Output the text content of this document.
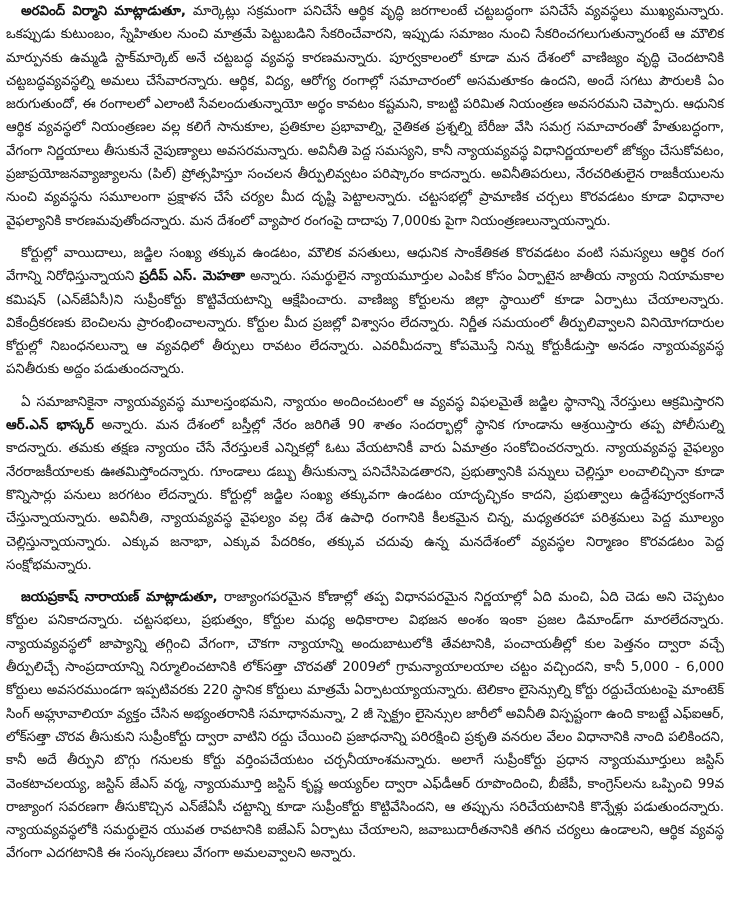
అరవింద్ విర్మాని మాట్లాడుతూ, మార్కెట్లు సక్రమంగా పనిచేసే ఆర్థిక వృద్ధి జరగాలంటే చట్టబద్ధంగా పనిచేసే వ్యవస్థలు ముఖ్యమన్నారు. ఒకప్పుడు కుటుంబం, స్నేహితుల నుంచి మాత్రమే పెట్టుబడిని సేకరించేవారని, ఇప్పుడు సమాజం నుంచి సేకరించగలుగుతున్నారంటే ఆ మౌలిక మార్పునకు ఉమ్మడి స్టాక్‌మార్కెట్ అనే చట్టబద్ధ వ్యవస్థ కారణమన్నారు. పూర్వకాలంలో కూడా మన దేశంలో వాణిజ్యం వృద్ధి చెందటానికి చట్టబద్ధవ్యవస్థల్ని అమలు చేసేవారన్నారు. ఆర్థిక, విద్య, ఆరోగ్య రంగాల్లో సమాచారంలో అసమతూకం ఉందని, అందే సగటు పౌరులకి ఏం జరుగుతుందో, ఈ రంగాలలో ఎలాంటి సేవలందుతున్నాయో అర్థం కావటం కష్టమని, కాబట్టి పరిమిత నియంత్రణ అవసరమని చెప్పారు. ఆధునిక ఆర్థిక వ్యవస్థలో నియంత్రణల వల్ల కలిగే సానుకూల, ప్రతికూల ప్రభావాల్ని, నైతికత ప్రశ్నల్ని బేరీజు వేసి సమగ్ర సమాచారంతో హేతుబద్ధంగా, వేగంగా నిర్ణయాలు తీసుకునే నైపుణ్యాలు అవసరమన్నారు. అవినీతి పెద్ద సమస్యని, కానీ న్యాయవ్యవస్థ విధానిర్ణయాలలో జోక్యం చేసుకోవటం, ప్రజాప్రయోజనవ్యాజ్యాలను (పిల్) ప్రోత్సహిస్తూ సంచలన తీర్పులివ్వటం పరిష్కారం కాదన్నారు. అవినీతిపరులు, నేరచరితులైన రాజకీయులను నుంచి వ్యవస్థను సమూలంగా ప్రక్షాళన చేసే చర్యల మీద దృష్టి పెట్టాలన్నారు. చట్టసభల్లో ప్రామాణిక చర్చలు కొరవడటం కూడా విధానాల వైఫల్యానికి కారణమవుతోందన్నారు. మన దేశంలో వ్యాపార రంగంపై దాదాపు 7,000కు పైగా నియంత్రణలున్నాయన్నారు.

కోర్టుల్లో వాయిదాలు, జడ్జిల సంఖ్య తక్కువ ఉండటం, మౌలిక వసతులు, ఆధునిక సాంకేతికత కొరవడటం వంటి సమస్యలు ఆర్థిక రంగ వేగాన్ని నిరోధిస్తున్నాయని ప్రదీప్ ఎస్. మెహతా అన్నారు. సమర్థులైన న్యాయమూర్తుల ఎంపిక కోసం ఏర్పాటైన జాతీయ న్యాయ నియామకాల కమిషన్ (ఎన్‌జేఏసీ)ని సుప్రీంకోర్టు కొట్టివేయటాన్ని ఆక్షేపించారు. వాణిజ్య కోర్టులను జిల్లా స్థాయిలో కూడా ఏర్పాటు చేయాలన్నారు. వికేంద్రీకరణకు బెంచిలను ప్రారంభించాలన్నారు. కోర్టుల మీద ప్రజల్లో విశ్వాసం లేదన్నారు. నిర్ణీత సమయంలో తీర్పులివ్వాలని వినియోగదారుల కోర్టుల్లో నిబంధనలున్నా ఆ వ్యవధిలో తీర్పులు రావటం లేదన్నారు. ఎవరిమీదన్నా కోపమొస్తే నిన్ను కోర్టుకీడుస్తా అనడం న్యాయవ్యవస్థ పనితీరుకు అద్దం పడుతుందన్నారు.

ఏ సమాజానికైనా న్యాయవ్యవస్థ మూలస్తంభమని, న్యాయం అందించటంలో ఆ వ్యవస్థ విఫలమైతే జడ్జిల స్థానాన్ని నేరస్తులు ఆక్రమిస్తారని ఆర్.ఎన్ భాస్కర్ అన్నారు. మన దేశంలో బస్తీల్లో నేరం జరిగితే 90 శాతం సందర్భాల్లో స్థానిక గూండాను ఆశ్రయిస్తారు తప్ప పోలీసుల్ని కాదన్నారు. తమకు తక్షణ న్యాయం చేసే నేరస్తులకే ఎన్నికల్లో ఓటు వేయటానికీ వారు ఏమాత్రం సంకోచించరన్నారు. న్యాయవ్యవస్థ వైఫల్యం నేరరాజకీయాలకు ఊతమిస్తోందన్నారు. గూండాలు డబ్బు తీసుకున్నా పనిచేసిపెడతారని, ప్రభుత్వానికి పన్నులు చెల్లిస్తూ లంచాలిచ్చినా కూడా కొన్నిసార్లు పనులు జరగటం లేదన్నారు. కోర్టుల్లో జడ్జిల సంఖ్య తక్కువగా ఉండటం యాదృచ్ఛికం కాదని, ప్రభుత్వాలు ఉద్దేశపూర్వకంగానే చేస్తున్నాయన్నారు. అవినీతి, న్యాయవ్యవస్థ వైఫల్యం వల్ల దేశ ఉపాధి రంగానికి కీలకమైన చిన్న, మధ్యతరహా పరిశ్రమలు పెద్ద మూల్యం చెల్లిస్తున్నాయన్నారు. ఎక్కువ జనాభా, ఎక్కువ పేదరికం, తక్కువ చదువు ఉన్న మనదేశంలో వ్యవస్థల నిర్మాణం కొరవడటం పెద్ద సంక్షోభమన్నారు.

జయప్రకాష్ నారాయణ్ మాట్లాడుతూ, రాజ్యాంగపరమైన కోణాల్లో తప్ప విధానపరమైన నిర్ణయాల్లో ఏది మంచి, ఏది చెడు అని చెప్పటం కోర్టుల పనికాదన్నారు. చట్టసభలు, ప్రభుత్వం, కోర్టుల మధ్య అధికారాల విభజన అంశం ఇంకా ప్రజల డిమాండ్‌గా మారలేదన్నారు. న్యాయవ్యవస్థలో జాప్యాన్ని తగ్గించి వేగంగా, చౌకగా న్యాయాన్ని అందుబాటులోకి తేవటానికి, పంచాయతీల్లో కుల పెత్తనం ద్వారా వచ్చే తీర్పులిచ్చే సాంప్రదాయాన్ని నిర్మూలించటానికి లోక్‌సత్తా చొరవతో 2009లో గ్రామన్యాయాలయాల చట్టం వచ్చిందని, కానీ 5,000 - 6,000 కోర్టులు అవసరముండగా ఇప్పటివరకు 220 స్థానిక కోర్టులు మాత్రమే ఏర్పాటయ్యాయన్నారు. టెలికాం లైసెన్సుల్ని కోర్టు రద్దుచేయటంపై మాంటెక్ సింగ్ అహ్లూవాలియా వ్యక్తం చేసిన అభ్యంతరానికి సమాధానమన్నా, 2 జీ స్పెక్ట్రం లైసెన్సుల జారీలో అవినీతి విస్పష్టంగా ఉంది కాబట్టే ఎఫ్ఐఆర్, లోక్‌సత్తా చొరవ తీసుకుని సుప్రీంకోర్టు ద్వారా వాటిని రద్దు చేయించి ప్రజాధనాన్ని పరిరక్షించి ప్రకృతి వనరుల వేలం విధానానికి నాంది పలికిందని, కానీ అదే తీర్పుని బొగ్గు గనులకు కోర్టు వర్తింపచేయటం చర్చనీయాంశమన్నారు. అలాగే సుప్రీంకోర్టు ప్రధాన న్యాయమూర్తులు జస్టిస్ వెంకటాచలయ్య, జస్టిస్ జేఎస్ వర్మ, న్యాయమూర్తి జస్టిస్ కృష్ణ అయ్యర్‌ల ద్వారా ఎఫ్‌డీఆర్ రూపొందించి, బీజేపీ, కాంగ్రెస్‌లను ఒప్పించి 99వ రాజ్యాంగ సవరణగా తీసుకొచ్చిన ఎన్‌జేఏసీ చట్టాన్ని కూడా సుప్రీంకోర్టు కొట్టివేసిందని, ఆ తప్పును సరిచేయటానికి కొన్నేళ్లు పడుతుందన్నారు. న్యాయవ్యవస్థలోకి సమర్థులైన యువత రావటానికి ఐజేఎస్ ఏర్పాటు చేయాలని, జవాబుదారీతనానికి తగిన చర్యలు ఉండాలని, ఆర్థిక వ్యవస్థ వేగంగా ఎదగటానికి ఈ సంస్కరణలు వేగంగా అమలవ్వాలని అన్నారు.
